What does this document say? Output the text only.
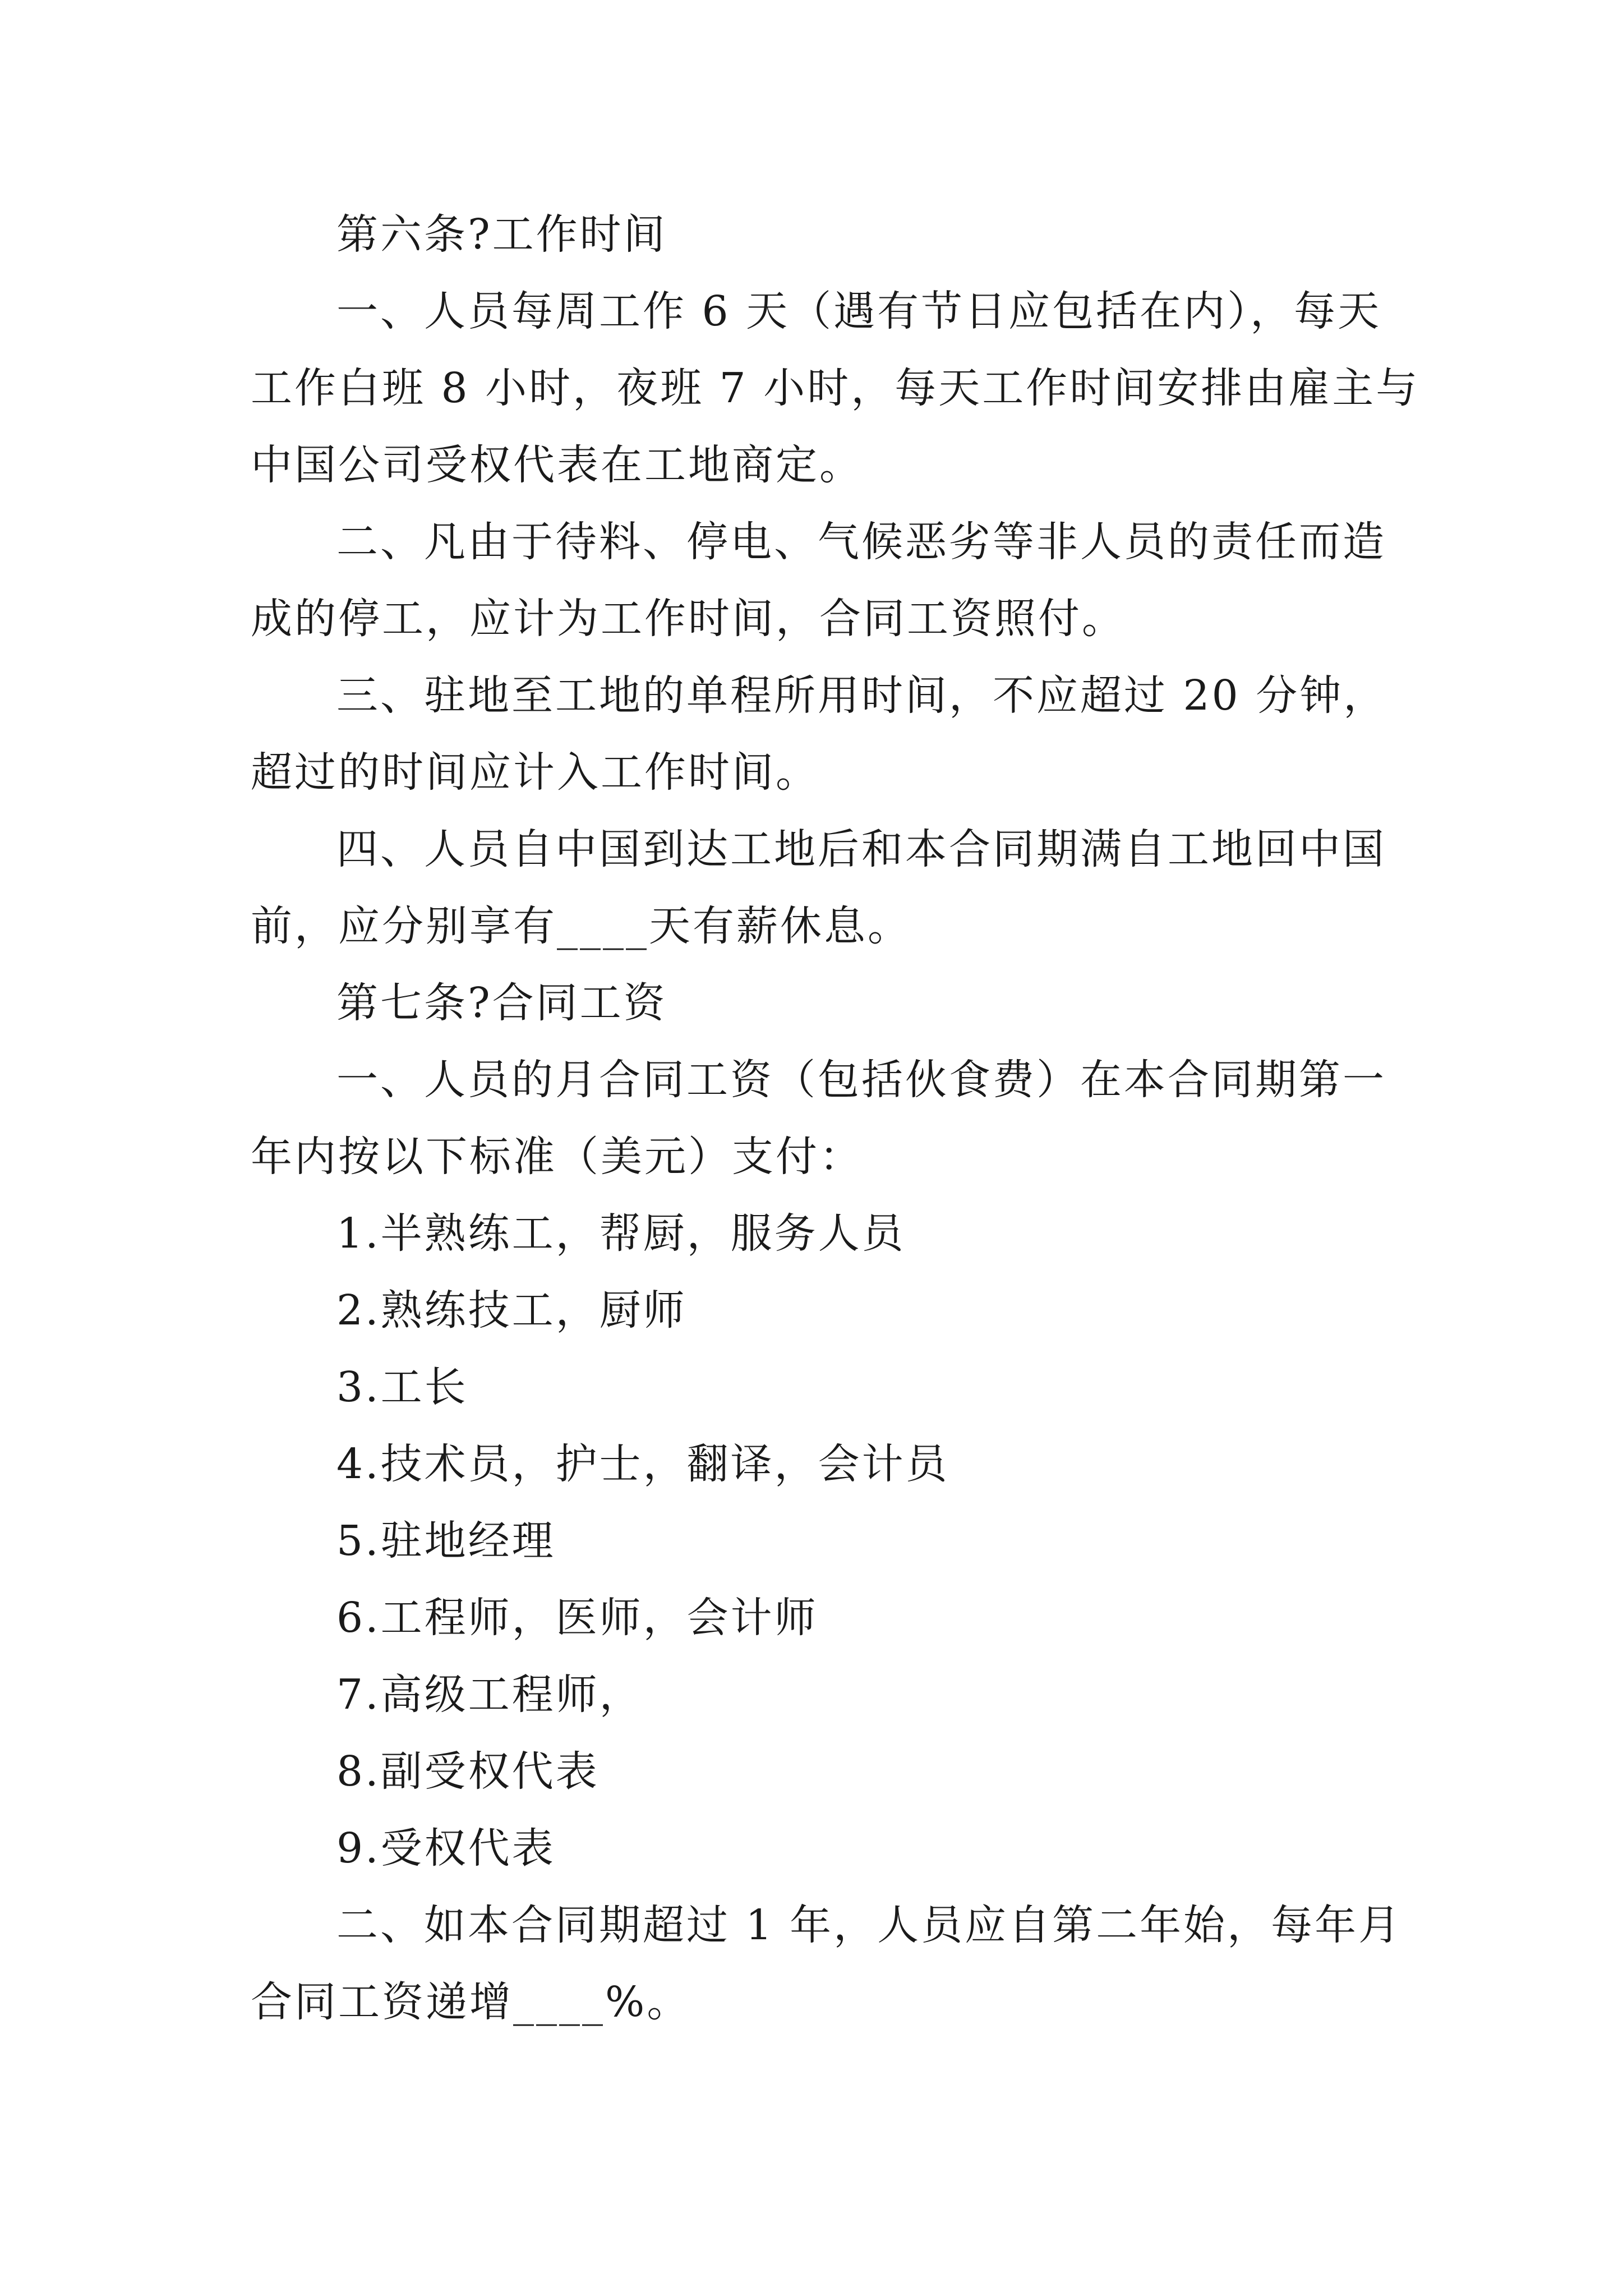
第六条?工作时间
一、人员每周工作 6 天（遇有节日应包括在内），每天
工作白班 8 小时，夜班 7 小时，每天工作时间安排由雇主与
中国公司受权代表在工地商定。
二、凡由于待料、停电、气候恶劣等非人员的责任而造
成的停工，应计为工作时间，合同工资照付。
三、驻地至工地的单程所用时间，不应超过 20 分钟，
超过的时间应计入工作时间。
四、人员自中国到达工地后和本合同期满自工地回中国
前，应分别享有____天有薪休息。
第七条?合同工资
一、人员的月合同工资（包括伙食费）在本合同期第一
年内按以下标准（美元）支付：
1.半熟练工，帮厨，服务人员
2.熟练技工，厨师
3.工长
4.技术员，护士，翻译，会计员
5.驻地经理
6.工程师，医师，会计师
7.高级工程师，
8.副受权代表
9.受权代表
二、如本合同期超过 1 年，人员应自第二年始，每年月
合同工资递增____%。
